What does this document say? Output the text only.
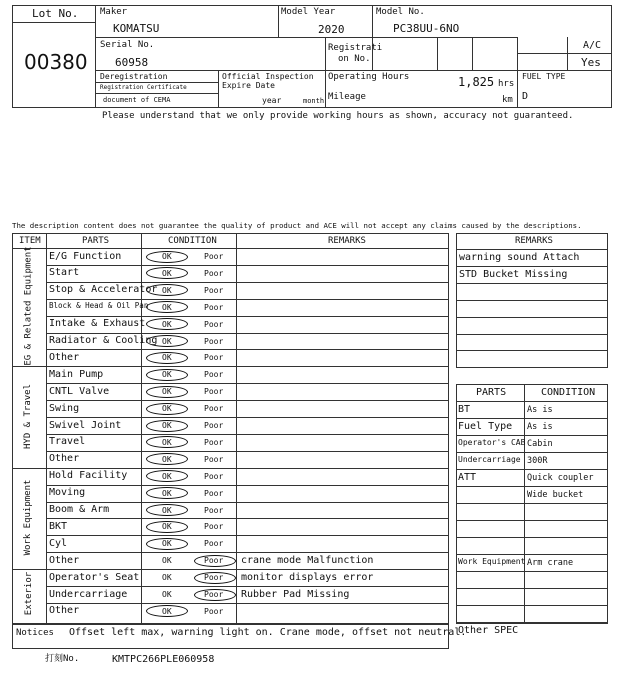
Lot No.
00380
Maker
KOMATSU
Model Year
2020
Model No.
PC38UU-6NO
Serial No.
60958
Registrati
on No.
A/C
Yes
Deregistration
Registration Certificate
document of CEMA
Official Inspection
Expire Date
year	month
Operating Hours	1,825 hrs
Mileage	km
FUEL TYPE
D
Please understand that we only provide working hours as shown, accuracy not guaranteed.
The description content does not guarantee the quality of product and ACE will not accept any claims caused by the descriptions.
ITEM	PARTS	CONDITION	REMARKS
E/G Function	OK	Poor
Start	OK	Poor
Stop & Accelerator OK	Poor
Block & Head & Oil Pan OK	Poor
Intake & Exhaust OK	Poor
Radiator & Cooling OK	Poor
Other	OK	Poor
EG & Related Equipment
Main Pump	OK	Poor
CNTL Valve	OK	Poor
Swing	OK	Poor
Swivel Joint	OK	Poor
Travel	OK	Poor
Other	OK	Poor
HYD & Travel
Hold Facility	OK	Poor
Moving	OK	Poor
Boom & Arm	OK	Poor
BKT	OK	Poor
Cyl	OK	Poor
Other	OK	Poor crane mode Malfunction
Work Equipment
Operator's Seat	OK	Poor monitor displays error
Undercarriage	OK	Poor Rubber Pad Missing
Other	OK	Poor
Exterior
Notices Offset left max, warning light on. Crane mode, offset not neutral.
REMARKS
warning sound Attach
STD Bucket Missing
PARTS	CONDITION
BT	As is
Fuel Type As is
Operator's CAB Cabin
Undercarriage 300R
ATT	Quick coupler
Wide bucket
Work Equipment Arm crane
Other SPEC
打刻No.	KMTPC266PLE060958
